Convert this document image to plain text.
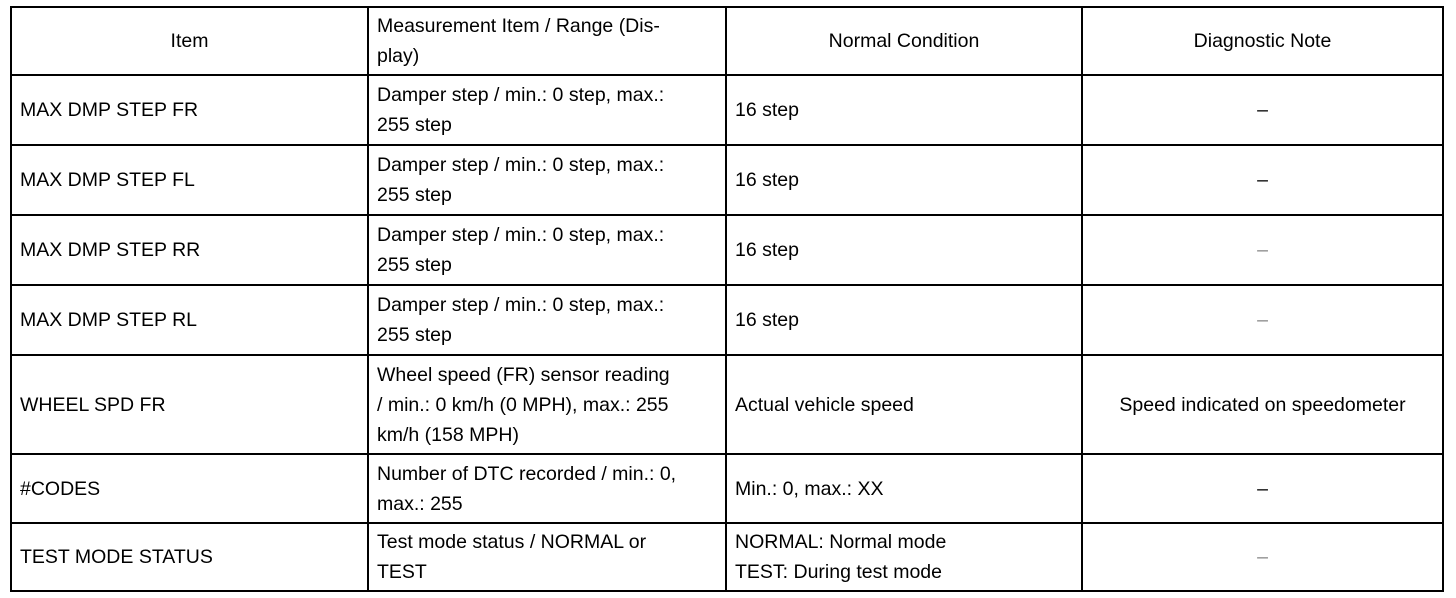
Item	Measurement Item / Range (Dis-
play)	Normal Condition	Diagnostic Note
MAX DMP STEP FR	Damper step / min.: 0 step, max.:
255 step	16 step	–
MAX DMP STEP FL	Damper step / min.: 0 step, max.:
255 step	16 step	–
MAX DMP STEP RR	Damper step / min.: 0 step, max.:
255 step	16 step	–
MAX DMP STEP RL	Damper step / min.: 0 step, max.:
255 step	16 step	–
WHEEL SPD FR	Wheel speed (FR) sensor reading
/ min.: 0 km/h (0 MPH), max.: 255
km/h (158 MPH)	Actual vehicle speed	Speed indicated on speedometer
#CODES	Number of DTC recorded / min.: 0,
max.: 255	Min.: 0, max.: XX	–
TEST MODE STATUS	Test mode status / NORMAL or
TEST	NORMAL: Normal mode
TEST: During test mode	–
